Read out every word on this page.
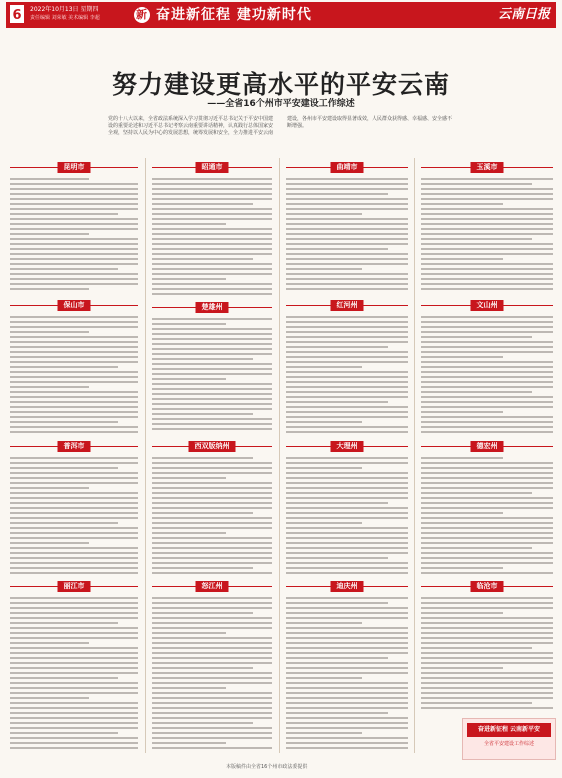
6	2022年10月13日 星期四
责任编辑 刘荣敏 美术编辑 李超	新 奋进新征程 建功新时代	云南日报
努力建设更高水平的平安云南
——全省16个州市平安建设工作综述
党的十八大以来，全省政法系统深入学习贯彻习近平总书记关于平安中国建设的重要论述和习近平总书记考察云南重要讲话精神，认真践行总体国家安全观，坚持以人民为中心的发展思想，统筹发展和安全，全力推进平安云南建设，各州市平安建设取得显著成效，人民群众获得感、幸福感、安全感不断增强。
昆明市	昭通市	曲靖市	玉溪市
保山市	楚雄州	红河州	文山州
普洱市	西双版纳州	大理州	德宏州
丽江市	怒江州	迪庆州	临沧市
奋进新征程 云南新平安
全省平安建设工作综述
本版稿件由全省16个州市政法委提供
